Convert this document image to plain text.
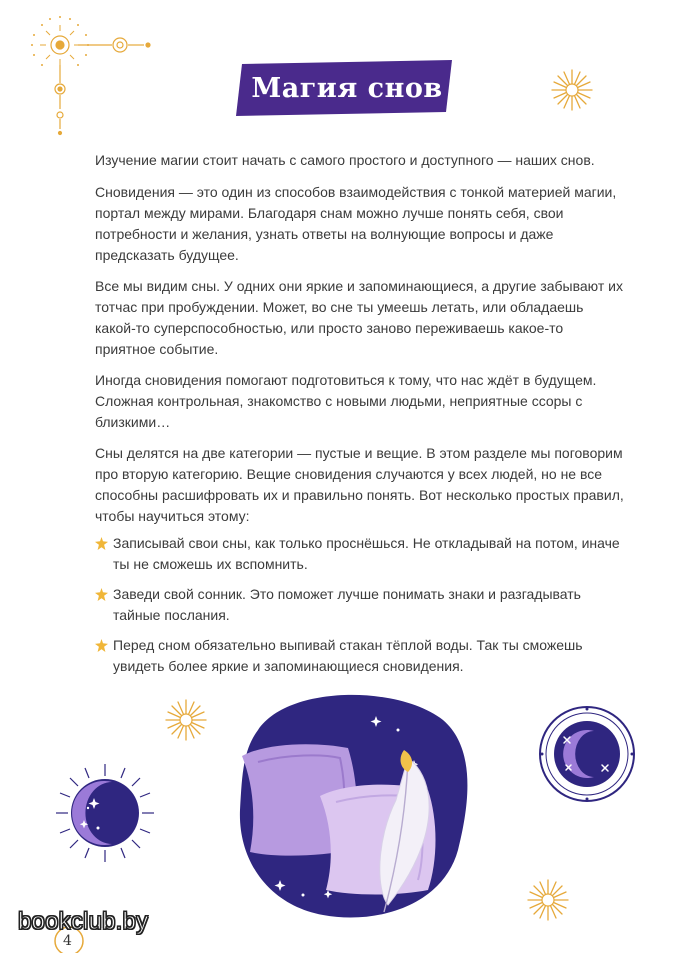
Магия снов

Изучение магии стоит начать с самого простого и доступного — наших снов.

Сновидения — это один из способов взаимодействия с тонкой материей магии, портал между мирами. Благодаря снам можно лучше понять себя, свои потребности и желания, узнать ответы на волнующие вопросы и даже предсказать будущее.

Все мы видим сны. У одних они яркие и запоминающиеся, а другие забывают их тотчас при пробуждении. Может, во сне ты умеешь летать, или обладаешь какой-то суперспособностью, или просто заново переживаешь какое-то приятное событие.

Иногда сновидения помогают подготовиться к тому, что нас ждёт в будущем. Сложная контрольная, знакомство с новыми людьми, неприятные ссоры с близкими…

Сны делятся на две категории — пустые и вещие. В этом разделе мы поговорим про вторую категорию. Вещие сновидения случаются у всех людей, но не все способны расшифровать их и правильно понять. Вот несколько простых правил, чтобы научиться этому:

Записывай свои сны, как только проснёшься. Не откладывай на потом, иначе ты не сможешь их вспомнить.
Заведи свой сонник. Это поможет лучше понимать знаки и разгадывать тайные послания.
Перед сном обязательно выпивай стакан тёплой воды. Так ты сможешь увидеть более яркие и запоминающиеся сновидения.
4
bookclub.by
